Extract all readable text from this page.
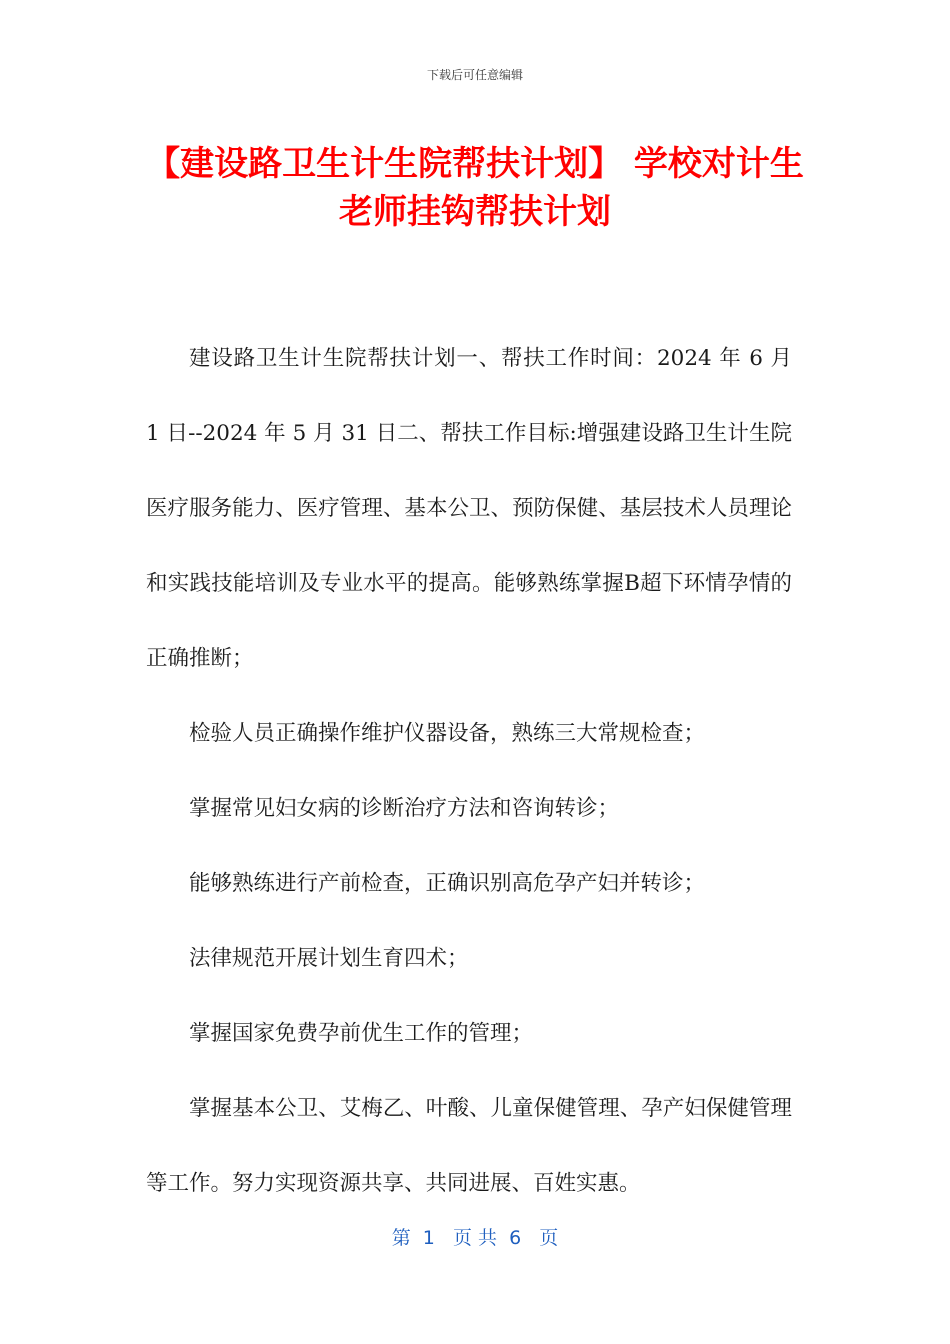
下载后可任意编辑
【建设路卫生计生院帮扶计划】 学校对计生
老师挂钩帮扶计划

建设路卫生计生院帮扶计划一、帮扶工作时间：2024 年 6 月 1 日--2024 年 5 月 31 日二、帮扶工作目标:增强建设路卫生计生院医疗服务能力、医疗管理、基本公卫、预防保健、基层技术人员理论和实践技能培训及专业水平的提高。能够熟练掌握B超下环情孕情的正确推断；

检验人员正确操作维护仪器设备，熟练三大常规检查；

掌握常见妇女病的诊断治疗方法和咨询转诊；

能够熟练进行产前检查，正确识别高危孕产妇并转诊；

法律规范开展计划生育四术；

掌握国家免费孕前优生工作的管理；

掌握基本公卫、艾梅乙、叶酸、儿童保健管理、孕产妇保健管理等工作。努力实现资源共享、共同进展、百姓实惠。

第  1   页 共  6   页
